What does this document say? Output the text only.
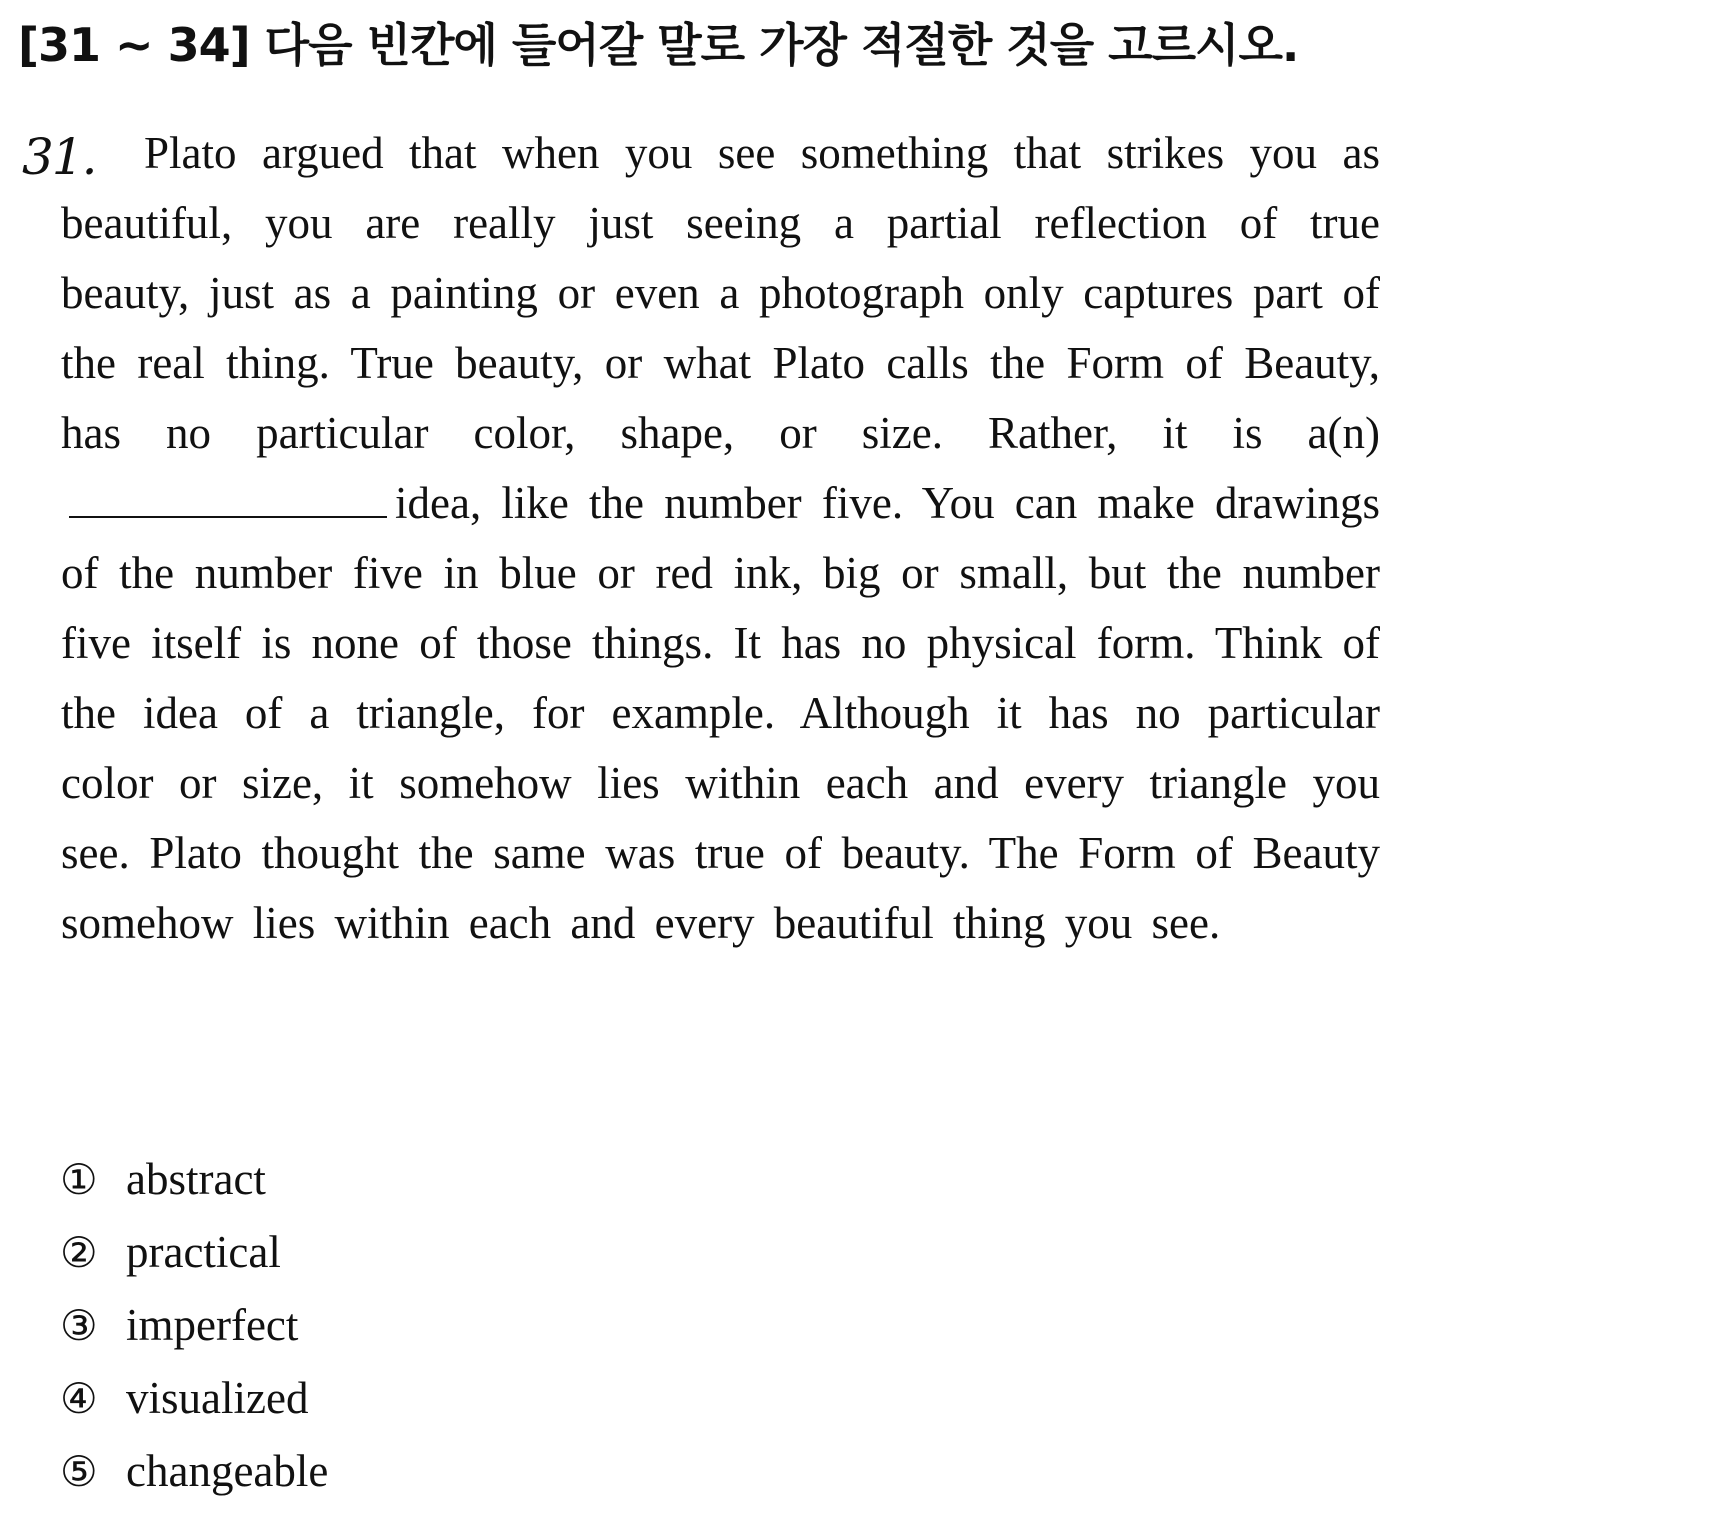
[31 ~ 34] 다음 빈칸에 들어갈 말로 가장 적절한 것을 고르시오.
31.	Plato argued that when you see something that strikes you as beautiful, you are really just seeing a partial reflection of true beauty, just as a painting or even a photograph only captures part of the real thing. True beauty, or what Plato calls the Form of Beauty, has no particular color, shape, or size. Rather, it is a(n)idea, like the number five. You can make drawings of the number five in blue or red ink, big or small, but the number five itself is none of those things. It has no physical form. Think of the idea of a triangle, for example. Although it has no particular color or size, it somehow lies within each and every triangle you see. Plato thought the same was true of beauty. The Form of Beauty somehow lies within each and every beautiful thing you see.

① abstract
② practical
③ imperfect
④ visualized
⑤ changeable
